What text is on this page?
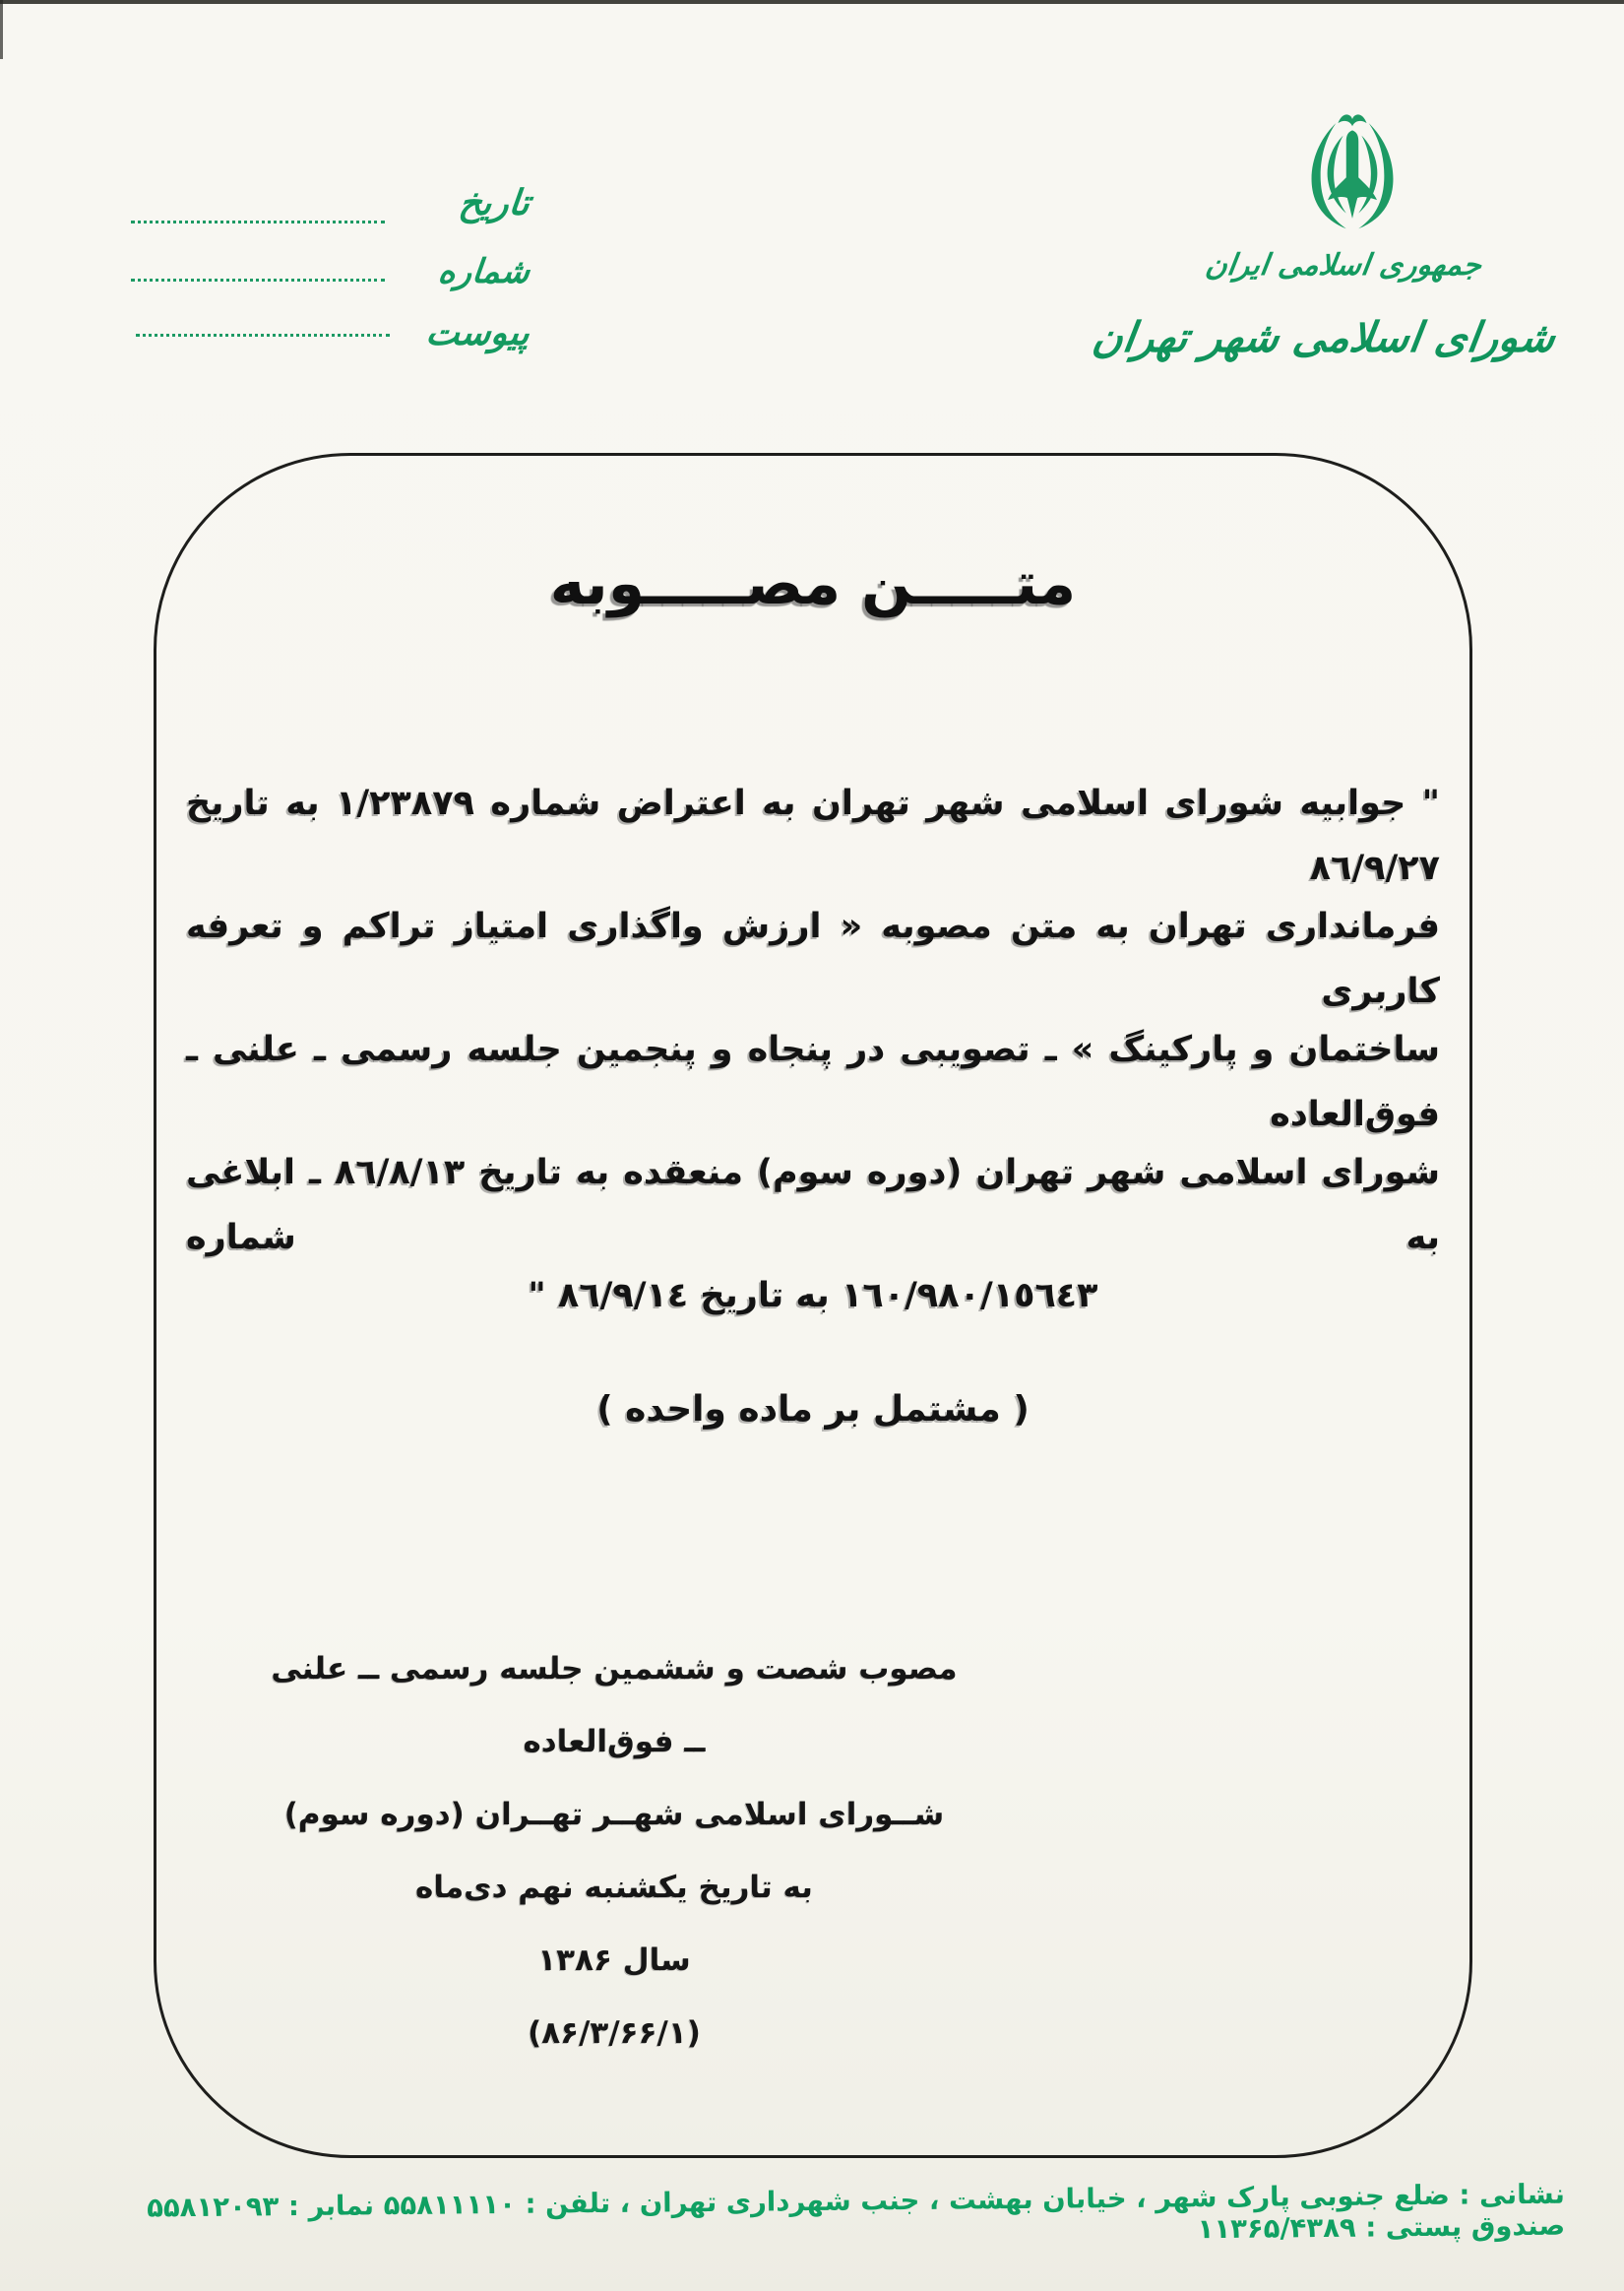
تاریخ
شماره
پیوست
جمهوری اسلامی ایران
شورای اسلامی شهر تهران
متـــــن مصـــــوبه
" جوابیه شورای اسلامی شهر تهران به اعتراض شماره ١/٢٣٨٧٩ به تاریخ ٨٦/٩/٢٧
فرمانداری تهران به متن مصوبه « ارزش واگذاری امتیاز تراکم و تعرفه کاربری
ساختمان و پارکینگ » ـ تصویبی در پنجاه و پنجمین جلسه رسمی ـ علنی ـ فوق‌العاده
شورای اسلامی شهر تهران (دوره سوم) منعقده به تاریخ ٨٦/٨/١٣ ـ ابلاغی به شماره
١٦٠/٩٨٠/١٥٦٤٣ به تاریخ ٨٦/٩/١٤ "
( مشتمل بر ماده واحده )
مصوب شصت و ششمین جلسه رسمی ــ علنی ــ فوق‌العاده
شــورای اسلامی شهــر تهــران (دوره سوم)
به تاریخ یکشنبه نهم دی‌ماه
سال ۱۳۸۶
(۸۶/۳/۶۶/۱)
نشانی : ضلع جنوبی پارک شهر ، خیابان بهشت ، جنب شهرداری تهران ، تلفن : ۵۵۸۱۱۱۱۰ نمابر : ۵۵۸۱۲۰۹۳ صندوق پستی : ۱۱۳۶۵/۴۳۸۹
